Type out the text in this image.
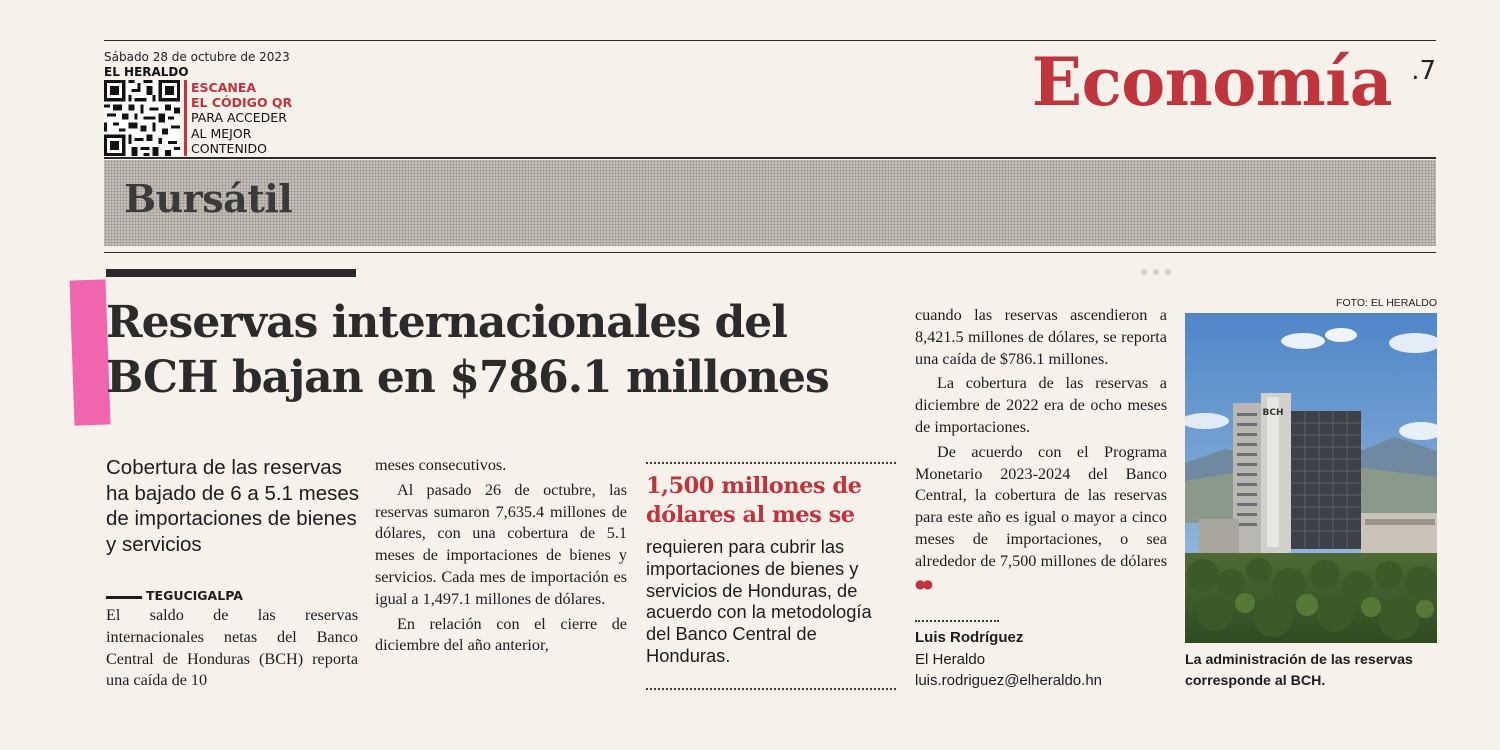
Sábado 28 de octubre de 2023
EL HERALDO
ESCANEA
EL CÓDIGO QR
PARA ACCEDER
AL MEJOR
CONTENIDO
Economía .7
Bursátil
● ● ●
Reservas internacionales del
BCH bajan en $786.1 millones
Cobertura de las reservas ha bajado de 6 a 5.1 meses de importaciones de bienes y servicios
TEGUCIGALPA

El saldo de las reservas internacionales netas del Banco Central de Honduras (BCH) reporta una caída de 10

meses consecutivos.

Al pasado 26 de octubre, las reservas sumaron 7,635.4 millones de dólares, con una cobertura de 5.1 meses de importaciones de bienes y servicios. Cada mes de importación es igual a 1,497.1 millones de dólares.

En relación con el cierre de diciembre del año anterior,

1,500 millones de dólares al mes se
requieren para cubrir las importaciones de bienes y servicios de Honduras, de acuerdo con la metodología del Banco Central de Honduras.

cuando las reservas ascendieron a 8,421.5 millones de dólares, se reporta una caída de $786.1 millones.

La cobertura de las reservas a diciembre de 2022 era de ocho meses de importaciones.

De acuerdo con el Programa Monetario 2023-2024 del Banco Central, la cobertura de las reservas para este año es igual o mayor a cinco meses de importaciones, o sea alrededor de 7,500 millones de dólares ●●

Luis Rodríguez
El Heraldo
luis.rodriguez@elheraldo.hn
FOTO: EL HERALDO
BCH
La administración de las reservas corresponde al BCH.
